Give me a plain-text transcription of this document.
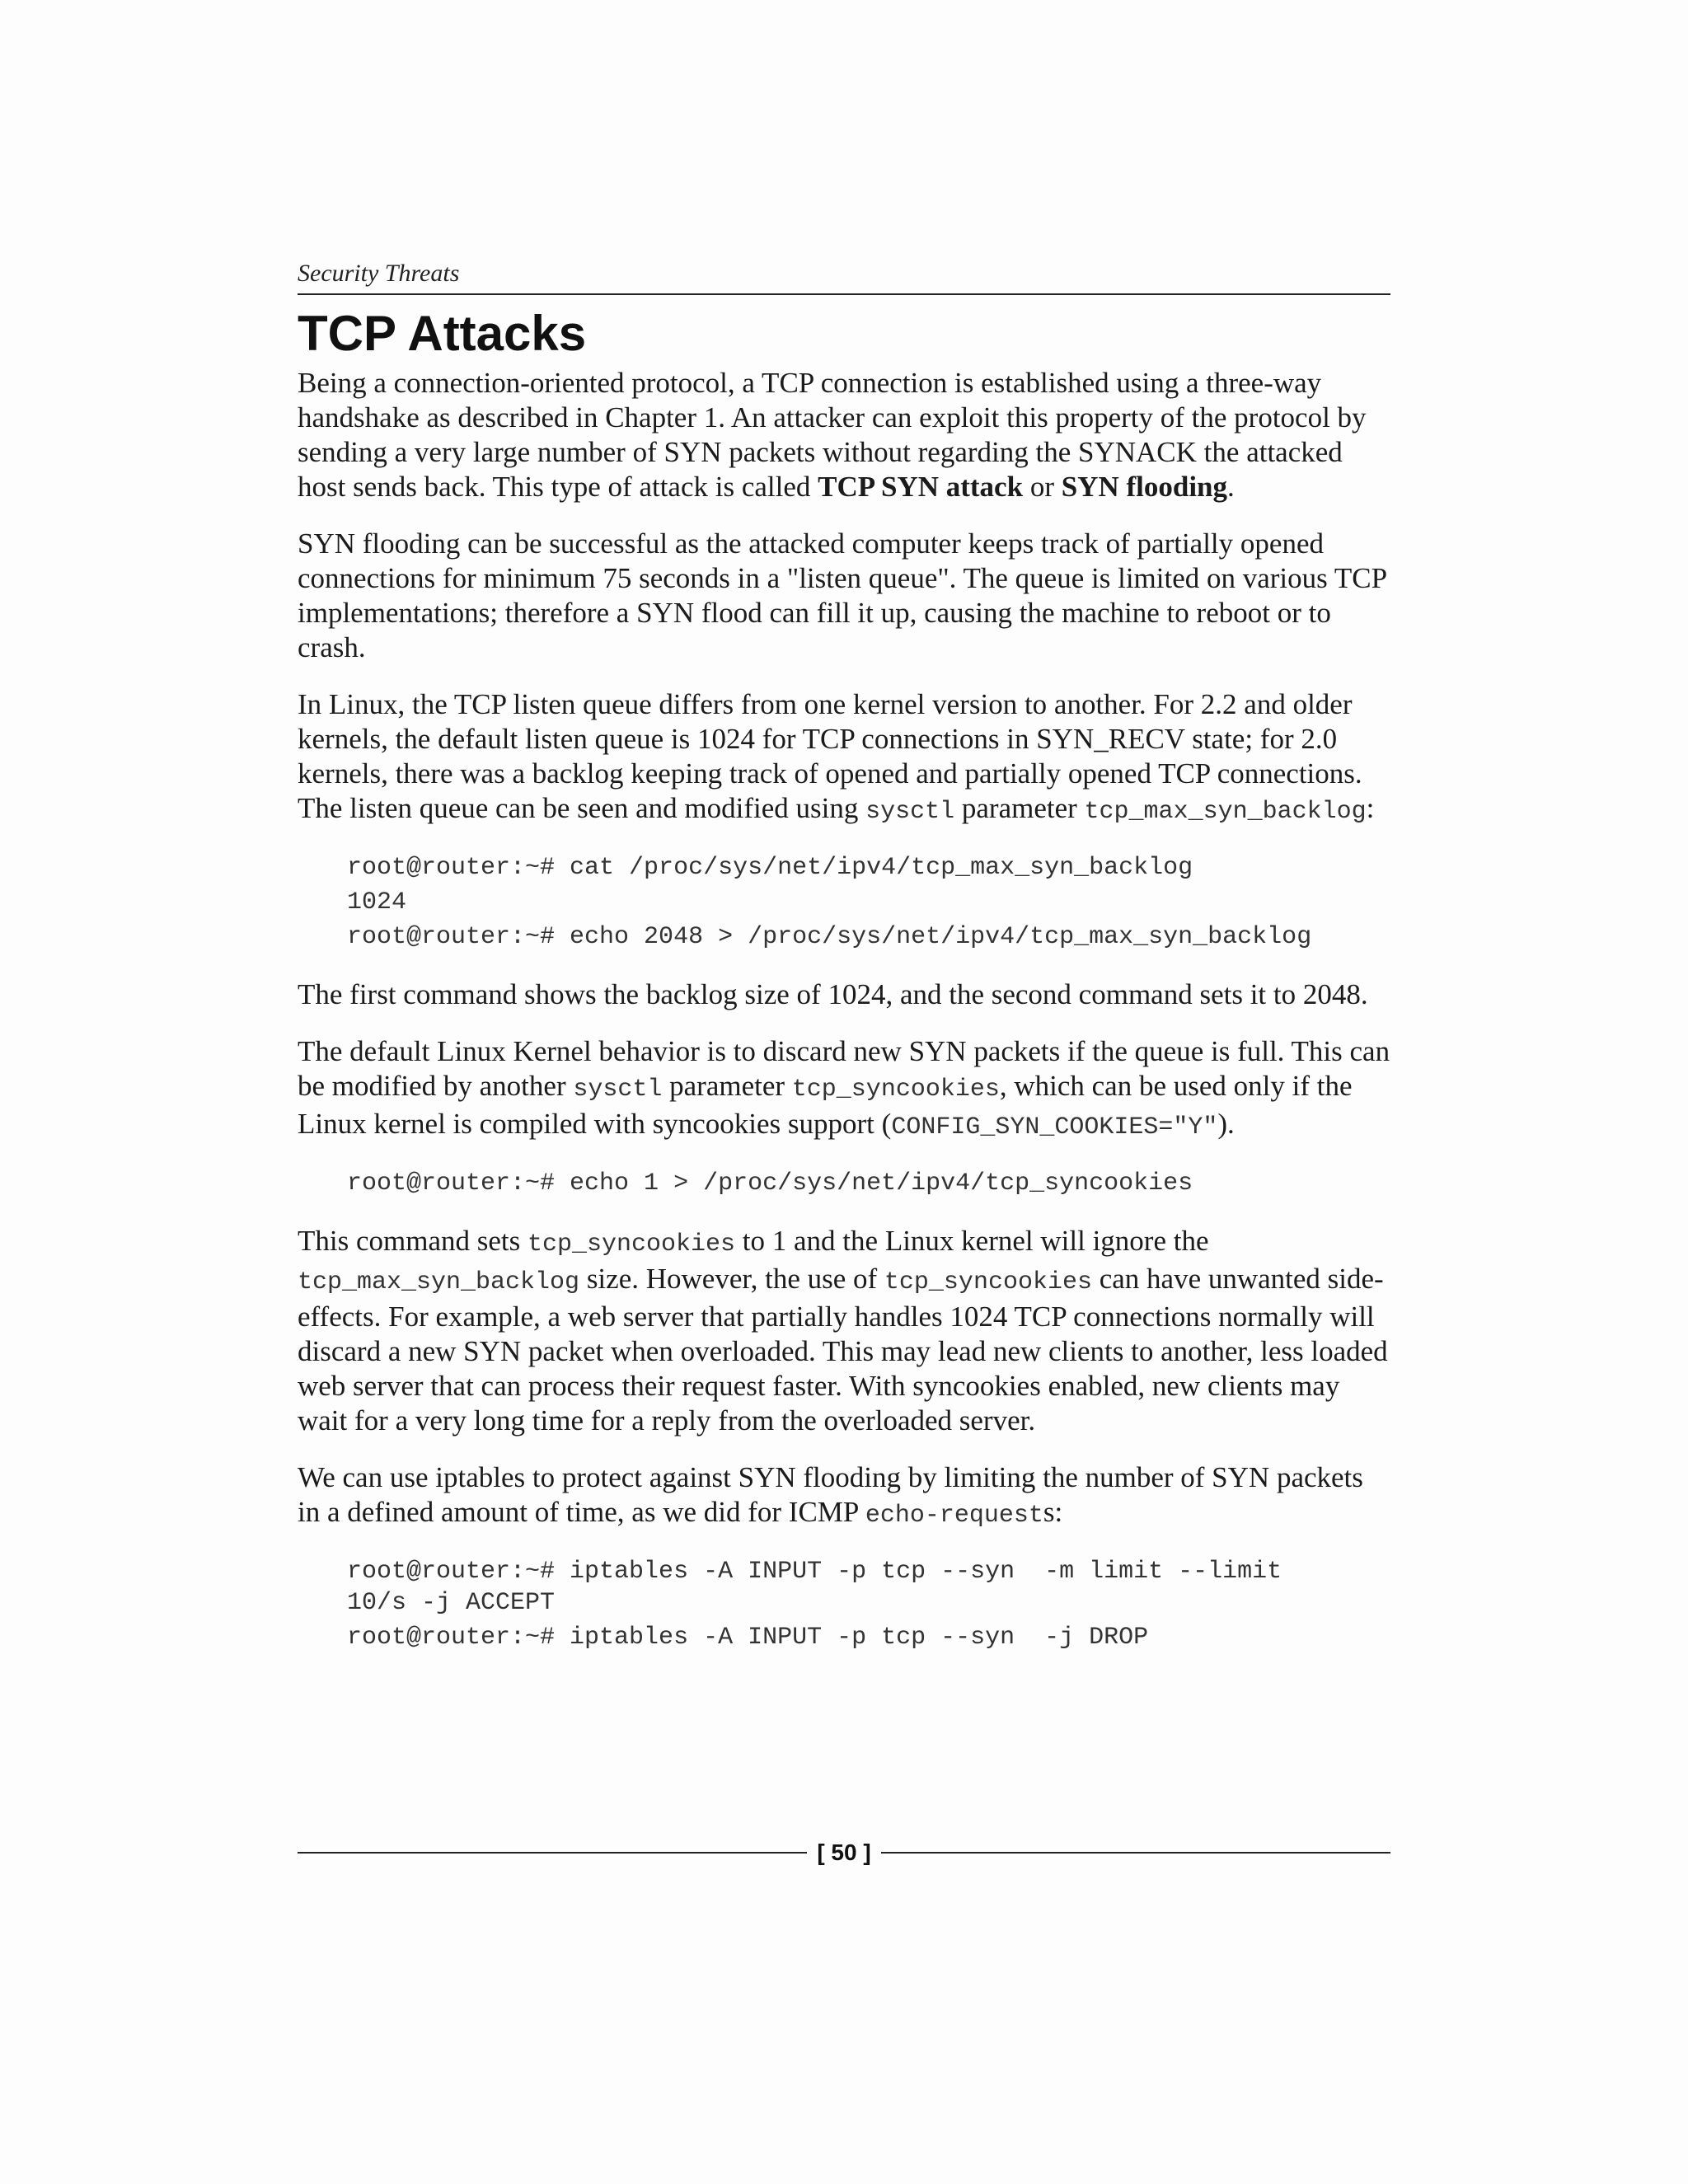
Security Threats
TCP Attacks

Being a connection-oriented protocol, a TCP connection is established using a three-way handshake as described in Chapter 1. An attacker can exploit this property of the protocol by sending a very large number of SYN packets without regarding the SYNACK the attacked host sends back. This type of attack is called TCP SYN attack or SYN flooding.

SYN flooding can be successful as the attacked computer keeps track of partially opened connections for minimum 75 seconds in a "listen queue". The queue is limited on various TCP implementations; therefore a SYN flood can fill it up, causing the machine to reboot or to crash.

In Linux, the TCP listen queue differs from one kernel version to another. For 2.2 and older kernels, the default listen queue is 1024 for TCP connections in SYN_RECV state; for 2.0 kernels, there was a backlog keeping track of opened and partially opened TCP connections. The listen queue can be seen and modified using sysctl parameter tcp_max_syn_backlog:

root@router:~# cat /proc/sys/net/ipv4/tcp_max_syn_backlog
1024
root@router:~# echo 2048 > /proc/sys/net/ipv4/tcp_max_syn_backlog

The first command shows the backlog size of 1024, and the second command sets it to 2048.

The default Linux Kernel behavior is to discard new SYN packets if the queue is full. This can be modified by another sysctl parameter tcp_syncookies, which can be used only if the Linux kernel is compiled with syncookies support (CONFIG_SYN_COOKIES="Y").

root@router:~# echo 1 > /proc/sys/net/ipv4/tcp_syncookies

This command sets tcp_syncookies to 1 and the Linux kernel will ignore the tcp_max_syn_backlog size. However, the use of tcp_syncookies can have unwanted side-effects. For example, a web server that partially handles 1024 TCP connections normally will discard a new SYN packet when overloaded. This may lead new clients to another, less loaded web server that can process their request faster. With syncookies enabled, new clients may wait for a very long time for a reply from the overloaded server.

We can use iptables to protect against SYN flooding by limiting the number of SYN packets in a defined amount of time, as we did for ICMP echo-requests:

root@router:~# iptables -A INPUT -p tcp --syn  -m limit --limit
10/s -j ACCEPT
root@router:~# iptables -A INPUT -p tcp --syn  -j DROP
[ 50 ]
